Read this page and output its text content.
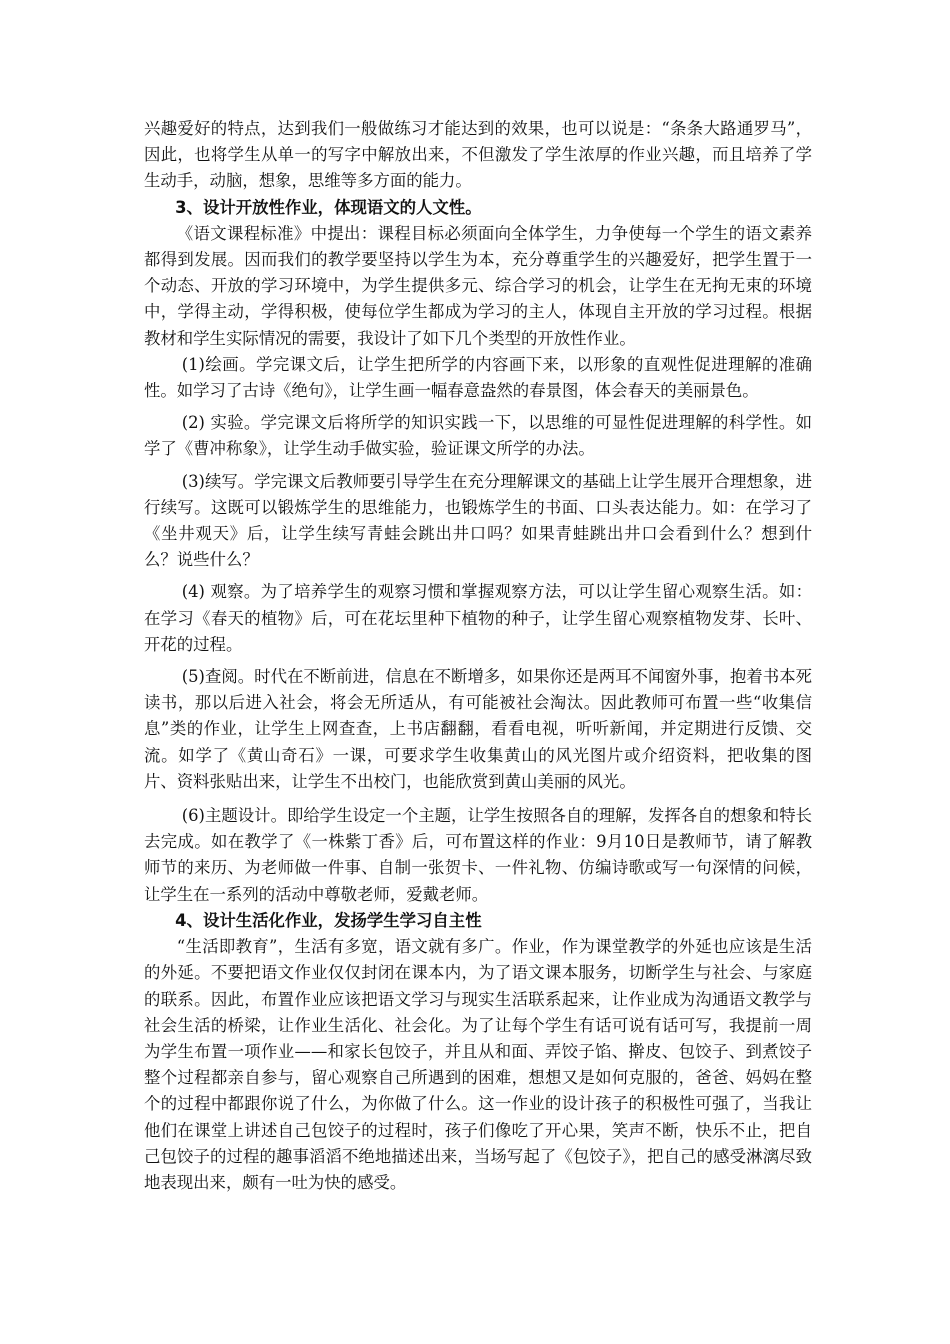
兴趣爱好的特点，达到我们一般做练习才能达到的效果，也可以说是：“条条大路通罗马”，因此，也将学生从单一的写字中解放出来，不但激发了学生浓厚的作业兴趣，而且培养了学生动手，动脑，想象，思维等多方面的能力。

3、设计开放性作业，体现语文的人文性。

《语文课程标准》中提出：课程目标必须面向全体学生，力争使每一个学生的语文素养都得到发展。因而我们的教学要坚持以学生为本，充分尊重学生的兴趣爱好，把学生置于一个动态、开放的学习环境中，为学生提供多元、综合学习的机会，让学生在无拘无束的环境中，学得主动，学得积极，使每位学生都成为学习的主人，体现自主开放的学习过程。根据教材和学生实际情况的需要，我设计了如下几个类型的开放性作业。

(1)绘画。学完课文后，让学生把所学的内容画下来，以形象的直观性促进理解的准确性。如学习了古诗《绝句》，让学生画一幅春意盎然的春景图，体会春天的美丽景色。

(2) 实验。学完课文后将所学的知识实践一下，以思维的可显性促进理解的科学性。如学了《曹冲称象》，让学生动手做实验，验证课文所学的办法。

(3)续写。学完课文后教师要引导学生在充分理解课文的基础上让学生展开合理想象，进行续写。这既可以锻炼学生的思维能力，也锻炼学生的书面、口头表达能力。如：在学习了《坐井观天》后，让学生续写青蛙会跳出井口吗？如果青蛙跳出井口会看到什么？想到什么？说些什么？

(4) 观察。为了培养学生的观察习惯和掌握观察方法，可以让学生留心观察生活。如：在学习《春天的植物》后，可在花坛里种下植物的种子，让学生留心观察植物发芽、长叶、开花的过程。

(5)查阅。时代在不断前进，信息在不断增多，如果你还是两耳不闻窗外事，抱着书本死读书，那以后进入社会，将会无所适从，有可能被社会淘汰。因此教师可布置一些“收集信息”类的作业，让学生上网查查，上书店翻翻，看看电视，听听新闻，并定期进行反馈、交流。如学了《黄山奇石》一课，可要求学生收集黄山的风光图片或介绍资料，把收集的图片、资料张贴出来，让学生不出校门，也能欣赏到黄山美丽的风光。

(6)主题设计。即给学生设定一个主题，让学生按照各自的理解，发挥各自的想象和特长去完成。如在教学了《一株紫丁香》后，可布置这样的作业：9月10日是教师节，请了解教师节的来历、为老师做一件事、自制一张贺卡、一件礼物、仿编诗歌或写一句深情的问候，让学生在一系列的活动中尊敬老师，爱戴老师。

4、设计生活化作业，发扬学生学习自主性

“生活即教育”，生活有多宽，语文就有多广。作业，作为课堂教学的外延也应该是生活的外延。不要把语文作业仅仅封闭在课本内，为了语文课本服务，切断学生与社会、与家庭的联系。因此，布置作业应该把语文学习与现实生活联系起来，让作业成为沟通语文教学与社会生活的桥梁，让作业生活化、社会化。为了让每个学生有话可说有话可写，我提前一周为学生布置一项作业——和家长包饺子，并且从和面、弄饺子馅、擀皮、包饺子、到煮饺子整个过程都亲自参与，留心观察自己所遇到的困难，想想又是如何克服的，爸爸、妈妈在整个的过程中都跟你说了什么，为你做了什么。这一作业的设计孩子的积极性可强了，当我让他们在课堂上讲述自己包饺子的过程时，孩子们像吃了开心果，笑声不断，快乐不止，把自己包饺子的过程的趣事滔滔不绝地描述出来，当场写起了《包饺子》，把自己的感受淋漓尽致地表现出来，颇有一吐为快的感受。
